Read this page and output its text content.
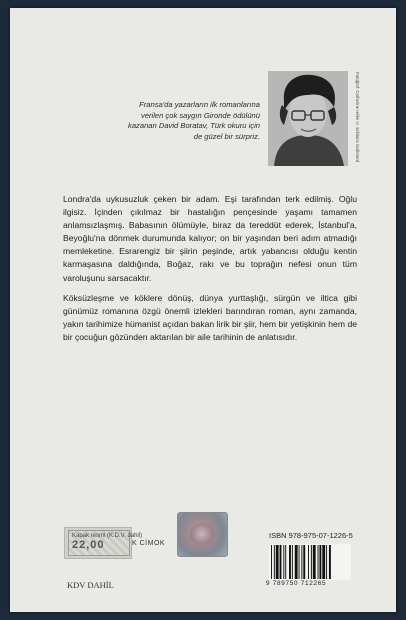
Fransa'da yazarların ilk romanlarına verilen çok saygın Gironde ödülünü kazanan David Boratav, Türk okuru için de güzel bir sürpriz.	Fotoğraf: Catherine Hélie © Editions Gallimard
Londra'da uykusuzluk çeken bir adam. Eşi tarafından terk edilmiş. Oğlu ilgisiz. İçinden çıkılmaz bir hastalığın pençesinde yaşamı tamamen anlamsızlaşmış. Babasının ölümüyle, biraz da tereddüt ederek, İstanbul'a, Beyoğlu'na dönmek durumunda kalıyor; on bir yaşından beri adım atmadığı memleketine. Esrarengiz bir şiirin peşinde, artık yabancısı olduğu kentin karmaşasına daldığında, Boğaz, rakı ve bu toprağın nefesi onun tüm varoluşunu sarsacaktır.
Köksüzleşme ve köklere dönüş, dünya yurttaşlığı, sürgün ve iltica gibi günümüz romanına özgü önemli izlekleri barındıran roman, aynı zamanda, yakın tarihimize hümanist açıdan bakan lirik bir şiir, hem bir yetişkinin hem de bir çocuğun gözünden aktarılan bir aile tarihinin de anlatısıdır.
Kapak resmi (K.D.V. dahil)
22,00	K CİMOK
KDV DAHİL
ISBN 978-975-07-1226-5
9 789750 712265
